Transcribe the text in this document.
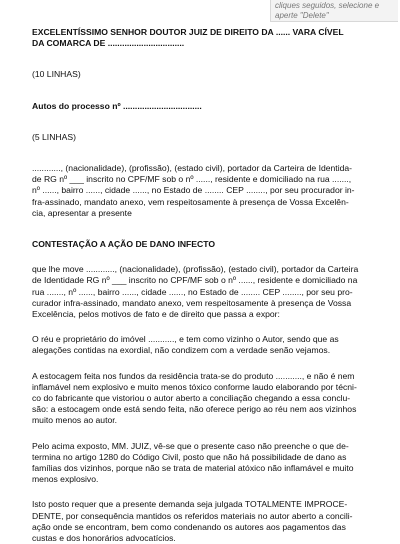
cliques seguidos, selecione e
aperte "Delete"

EXCELENTÍSSIMO SENHOR DOUTOR JUIZ DE DIREITO DA ...... VARA CÍVEL

DA COMARCA DE ................................

(10 LINHAS)

Autos do processo nº .................................

(5 LINHAS)

............, (nacionalidade), (profissão), (estado civil), portador da Carteira de Identida-

de RG nº ___ inscrito no CPF/MF sob o nº ......, residente e domiciliado na rua .......,

nº ......, bairro ......, cidade ......, no Estado de ........ CEP ........, por seu procurador in-

fra-assinado, mandato anexo, vem respeitosamente à presença de Vossa Excelên-

cia, apresentar a presente

CONTESTAÇÃO A AÇÃO DE DANO INFECTO

que lhe move ............, (nacionalidade), (profissão), (estado civil), portador da Carteira

de Identidade RG nº ___ inscrito no CPF/MF sob o nº ......, residente e domiciliado na

rua ......., nº ......, bairro ......, cidade ......, no Estado de ........ CEP ........, por seu pro-

curador infra-assinado, mandato anexo, vem respeitosamente à presença de Vossa

Excelência, pelos motivos de fato e de direito que passa a expor:

O réu e proprietário do imóvel ..........., e tem como vizinho o Autor, sendo que as

alegações contidas na exordial, não condizem com a verdade senão vejamos.

A estocagem feita nos fundos da residência trata-se do produto ..........., e não é nem

inflamável nem explosivo e muito menos tóxico conforme laudo elaborando por técni-

co do fabricante que vistoriou o autor aberto a conciliação chegando a essa conclu-

são: a estocagem onde está sendo feita, não oferece perigo ao réu nem aos vizinhos

muito menos ao autor.

Pelo acima exposto, MM. JUIZ, vê-se que o presente caso não preenche o que de-

termina no artigo 1280 do Código Civil, posto que não há possibilidade de dano as

famílias dos vizinhos, porque não se trata de material atóxico não inflamável e muito

menos explosivo.

Isto posto requer que a presente demanda seja julgada TOTALMENTE IMPROCE-

DENTE, por consequência mantidos os referidos materiais no autor aberto a concili-

ação onde se encontram, bem como condenando os autores aos pagamentos das

custas e dos honorários advocatícios.
